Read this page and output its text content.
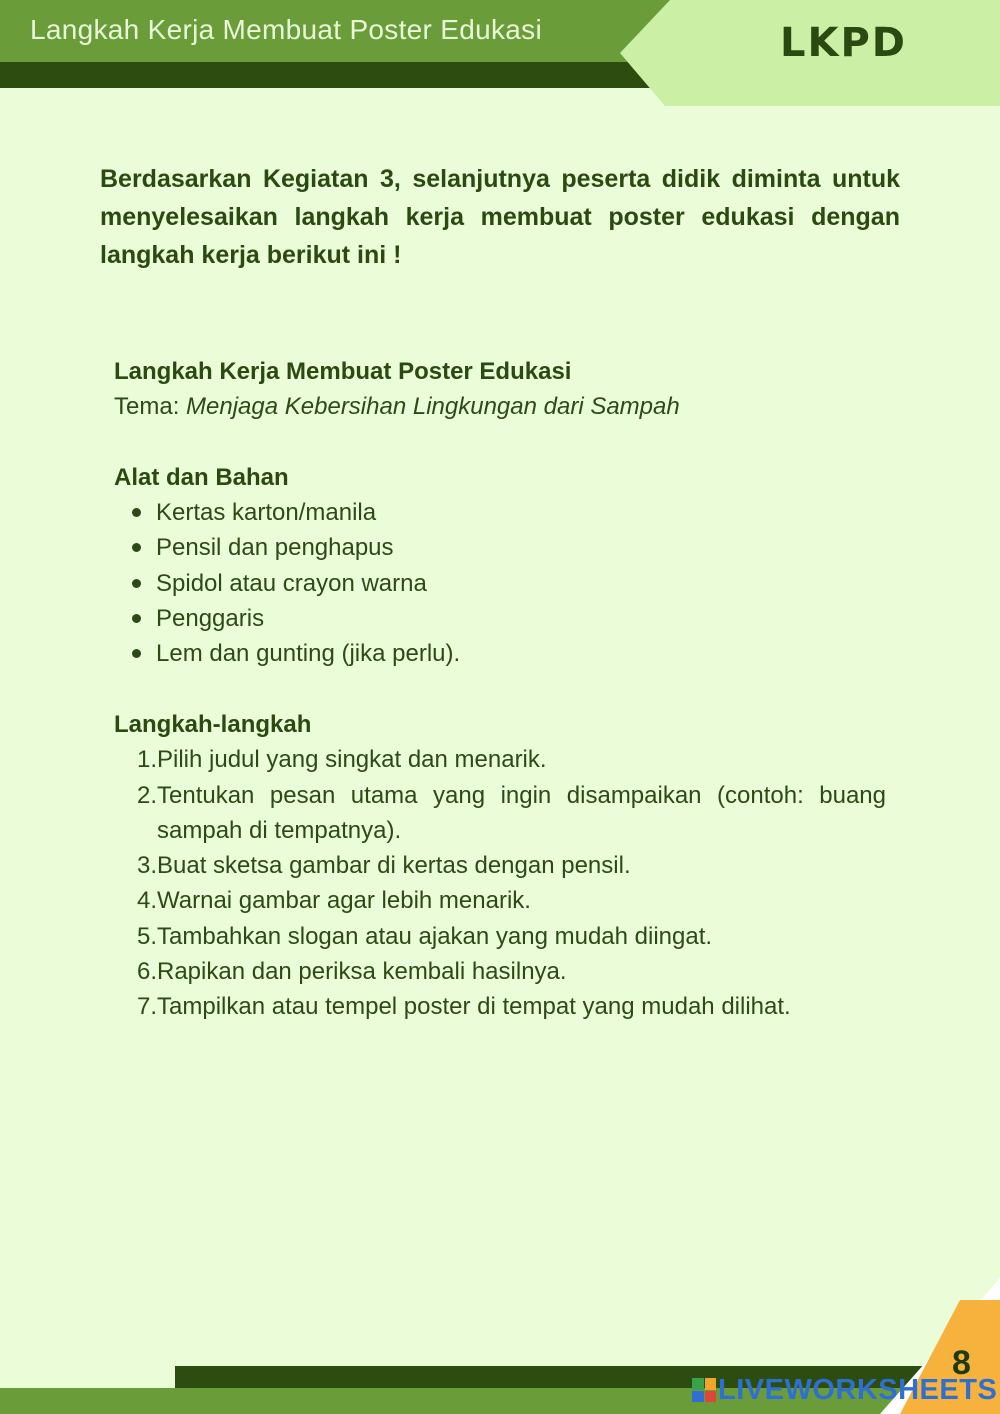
Langkah Kerja Membuat Poster Edukasi	LKPD

Berdasarkan Kegiatan 3, selanjutnya peserta didik diminta untuk menyelesaikan langkah kerja membuat poster edukasi dengan langkah kerja berikut ini !

Langkah Kerja Membuat Poster Edukasi

Tema: Menjaga Kebersihan Lingkungan dari Sampah

Alat dan Bahan

Kertas karton/manila
Pensil dan penghapus
Spidol atau crayon warna
Penggaris
Lem dan gunting (jika perlu).

Langkah-langkah

1. Pilih judul yang singkat dan menarik.
2. Tentukan pesan utama yang ingin disampaikan (contoh: buang sampah di tempatnya).
3. Buat sketsa gambar di kertas dengan pensil.
4. Warnai gambar agar lebih menarik.
5. Tambahkan slogan atau ajakan yang mudah diingat.
6. Rapikan dan periksa kembali hasilnya.
7. Tampilkan atau tempel poster di tempat yang mudah dilihat.
8
LIVEWORKSHEETS
